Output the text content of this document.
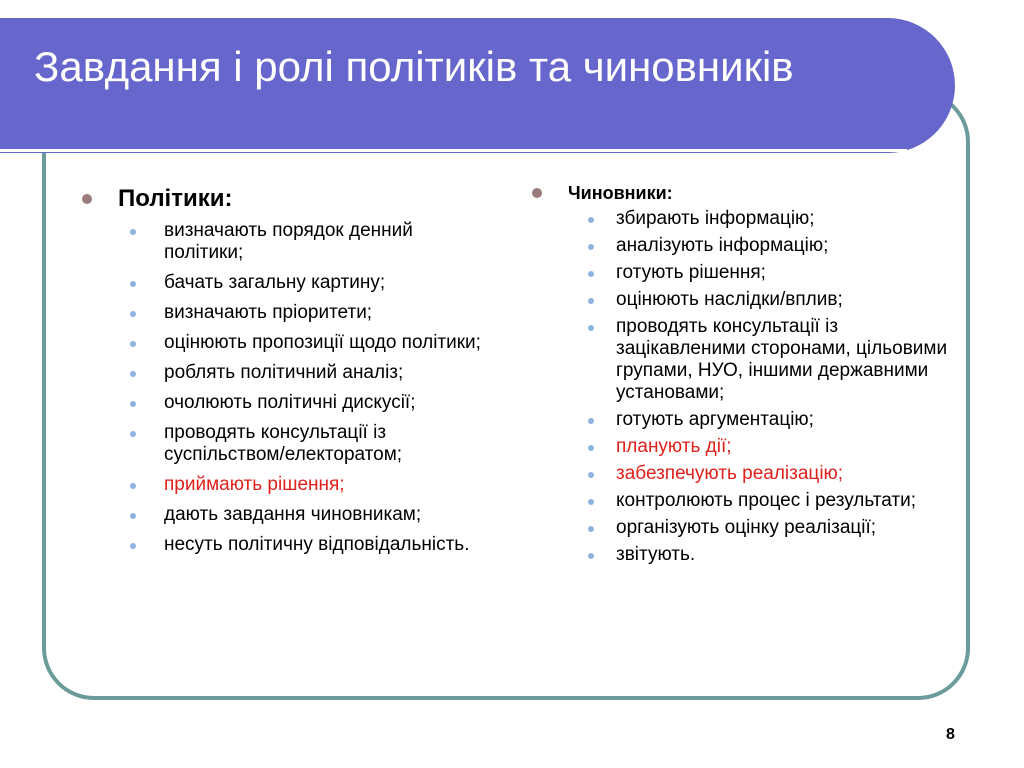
Завдання і ролі політиків та чиновників
Політики:
визначають порядок денний політики;
бачать загальну картину;
визначають пріоритети;
оцінюють пропозиції щодо політики;
роблять політичний аналіз;
очолюють політичні дискусії;
проводять консультації із суспільством/електоратом;
приймають рішення;
дають завдання чиновникам;
несуть політичну відповідальність.
Чиновники:
збирають інформацію;
аналізують інформацію;
готують рішення;
оцінюють наслідки/вплив;
проводять консультації із зацікавленими сторонами, цільовими групами, НУО, іншими державними установами;
готують аргументацію;
планують дії;
забезпечують реалізацію;
контролюють процес і результати;
організують оцінку реалізації;
звітують.
8
